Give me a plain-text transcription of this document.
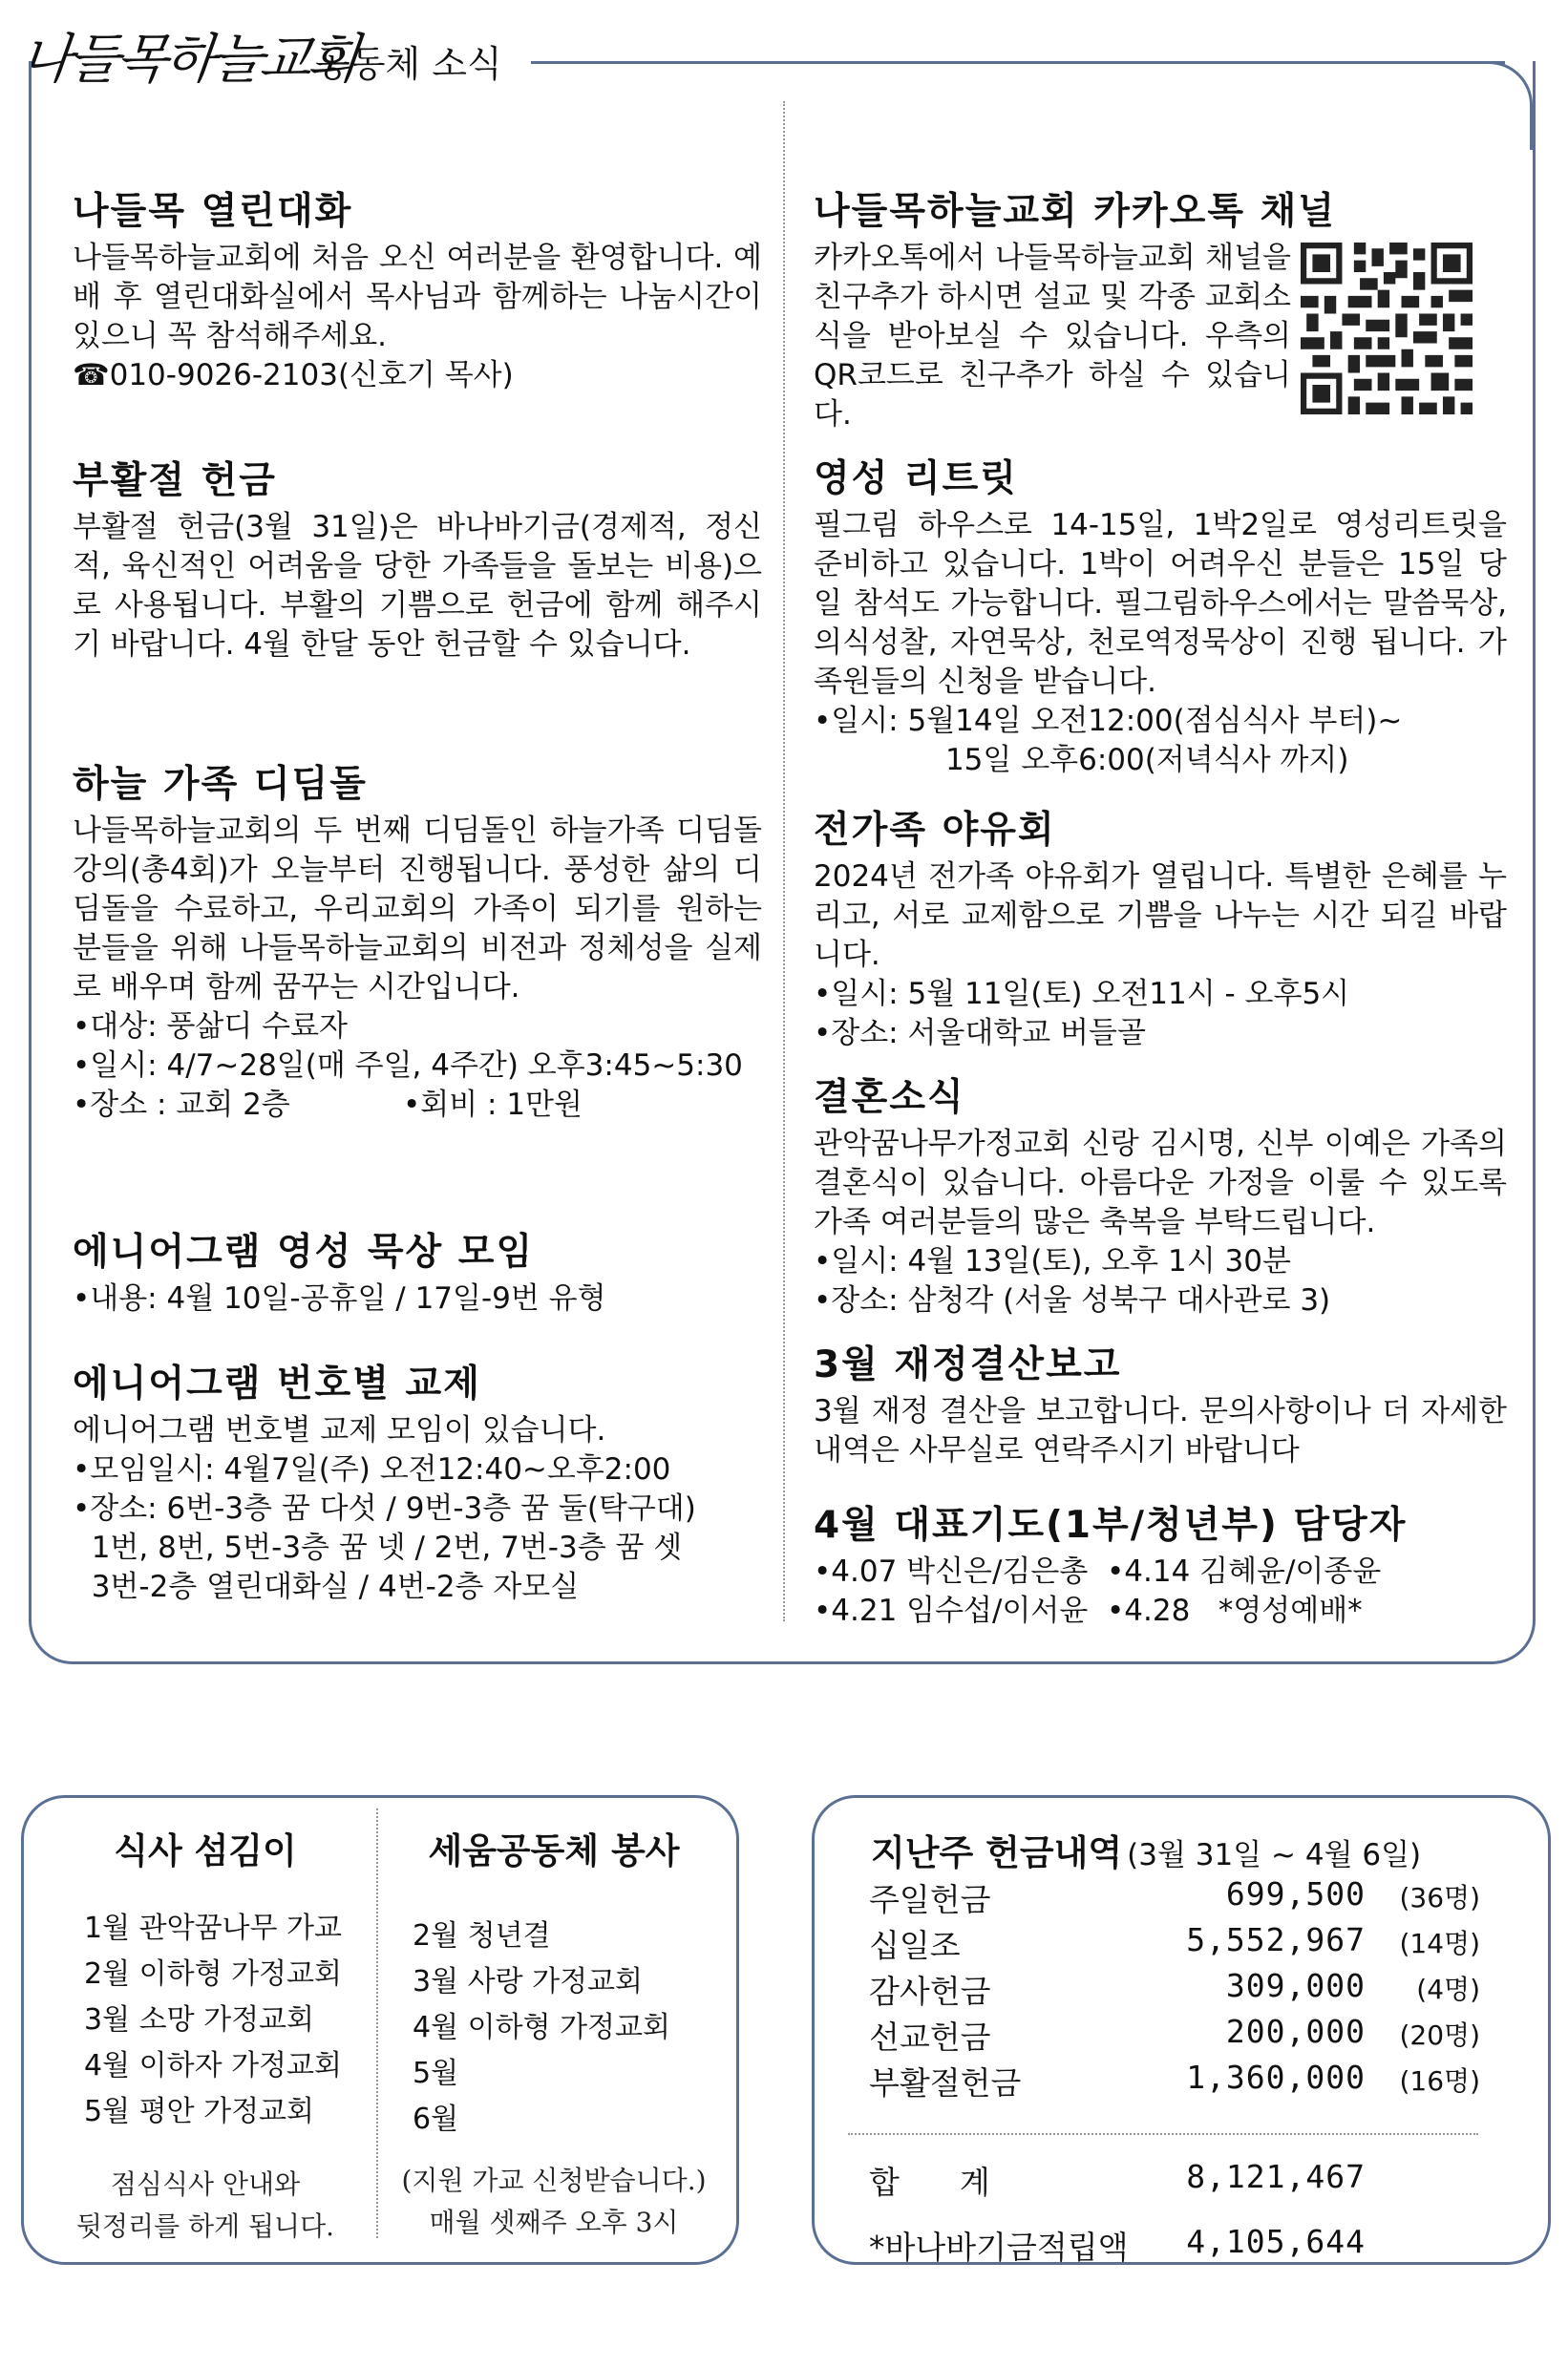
나들목하늘교회
공동체 소식
나들목 열린대화

나들목하늘교회에 처음 오신 여러분을 환영합니다. 예배 후 열린대화실에서 목사님과 함께하는 나눔시간이 있으니 꼭 참석해주세요.

☎010-9026-2103(신호기 목사)
부활절 헌금

부활절 헌금(3월 31일)은 바나바기금(경제적, 정신적, 육신적인 어려움을 당한 가족들을 돌보는 비용)으로 사용됩니다. 부활의 기쁨으로 헌금에 함께 해주시기 바랍니다. 4월 한달 동안 헌금할 수 있습니다.

하늘 가족 디딤돌

나들목하늘교회의 두 번째 디딤돌인 하늘가족 디딤돌 강의(총4회)가 오늘부터 진행됩니다. 풍성한 삶의 디딤돌을 수료하고, 우리교회의 가족이 되기를 원하는 분들을 위해 나들목하늘교회의 비전과 정체성을 실제로 배우며 함께 꿈꾸는 시간입니다.

•대상: 풍삶디 수료자
•일시: 4/7~28일(매 주일, 4주간) 오후3:45~5:30
•장소 : 교회 2층            •회비 : 1만원
에니어그램 영성 묵상 모임
•내용: 4월 10일-공휴일 / 17일-9번 유형
에니어그램 번호별 교제
에니어그램 번호별 교제 모임이 있습니다.
•모임일시: 4월7일(주) 오전12:40~오후2:00
•장소: 6번-3층 꿈 다섯 / 9번-3층 꿈 둘(탁구대)
1번, 8번, 5번-3층 꿈 넷 / 2번, 7번-3층 꿈 셋
3번-2층 열린대화실 / 4번-2층 자모실
나들목하늘교회 카카오톡 채널

카카오톡에서 나들목하늘교회 채널을 친구추가 하시면 설교 및 각종 교회소식을 받아보실 수 있습니다. 우측의 QR코드로 친구추가 하실 수 있습니다.

영성 리트릿

필그림 하우스로 14-15일, 1박2일로 영성리트릿을 준비하고 있습니다. 1박이 어려우신 분들은 15일 당일 참석도 가능합니다. 필그림하우스에서는 말씀묵상, 의식성찰, 자연묵상, 천로역정묵상이 진행 됩니다. 가족원들의 신청을 받습니다.

•일시: 5월14일 오전12:00(점심식사 부터)~
15일 오후6:00(저녁식사 까지)
전가족 야유회

2024년 전가족 야유회가 열립니다. 특별한 은혜를 누리고, 서로 교제함으로 기쁨을 나누는 시간 되길 바랍니다.

•일시: 5월 11일(토) 오전11시 - 오후5시
•장소: 서울대학교 버들골
결혼소식

관악꿈나무가정교회 신랑 김시명, 신부 이예은 가족의 결혼식이 있습니다. 아름다운 가정을 이룰 수 있도록 가족 여러분들의 많은 축복을 부탁드립니다.

•일시: 4월 13일(토), 오후 1시 30분
•장소: 삼청각 (서울 성북구 대사관로 3)
3월 재정결산보고

3월 재정 결산을 보고합니다. 문의사항이나 더 자세한 내역은 사무실로 연락주시기 바랍니다

4월 대표기도(1부/청년부) 담당자
•4.07 박신은/김은총  •4.14 김혜윤/이종윤
•4.21 임수섭/이서윤  •4.28   *영성예배*
식사 섬김이
1월 관악꿈나무 가교
2월 이하형 가정교회
3월 소망 가정교회
4월 이하자 가정교회
5월 평안 가정교회
점심식사 안내와
뒷정리를 하게 됩니다.
세움공동체 봉사
2월 청년결
3월 사랑 가정교회
4월 이하형 가정교회
5월
6월
(지원 가교 신청받습니다.)
매월 셋째주 오후 3시
지난주 헌금내역 (3월 31일 ~ 4월 6일)
주일헌금	699,500 (36명)
십일조	5,552,967 (14명)
감사헌금	309,000 (4명)
선교헌금	200,000 (20명)
부활절헌금	1,360,000 (16명)
합      계	8,121,467
*바나바기금적립액 4,105,644
